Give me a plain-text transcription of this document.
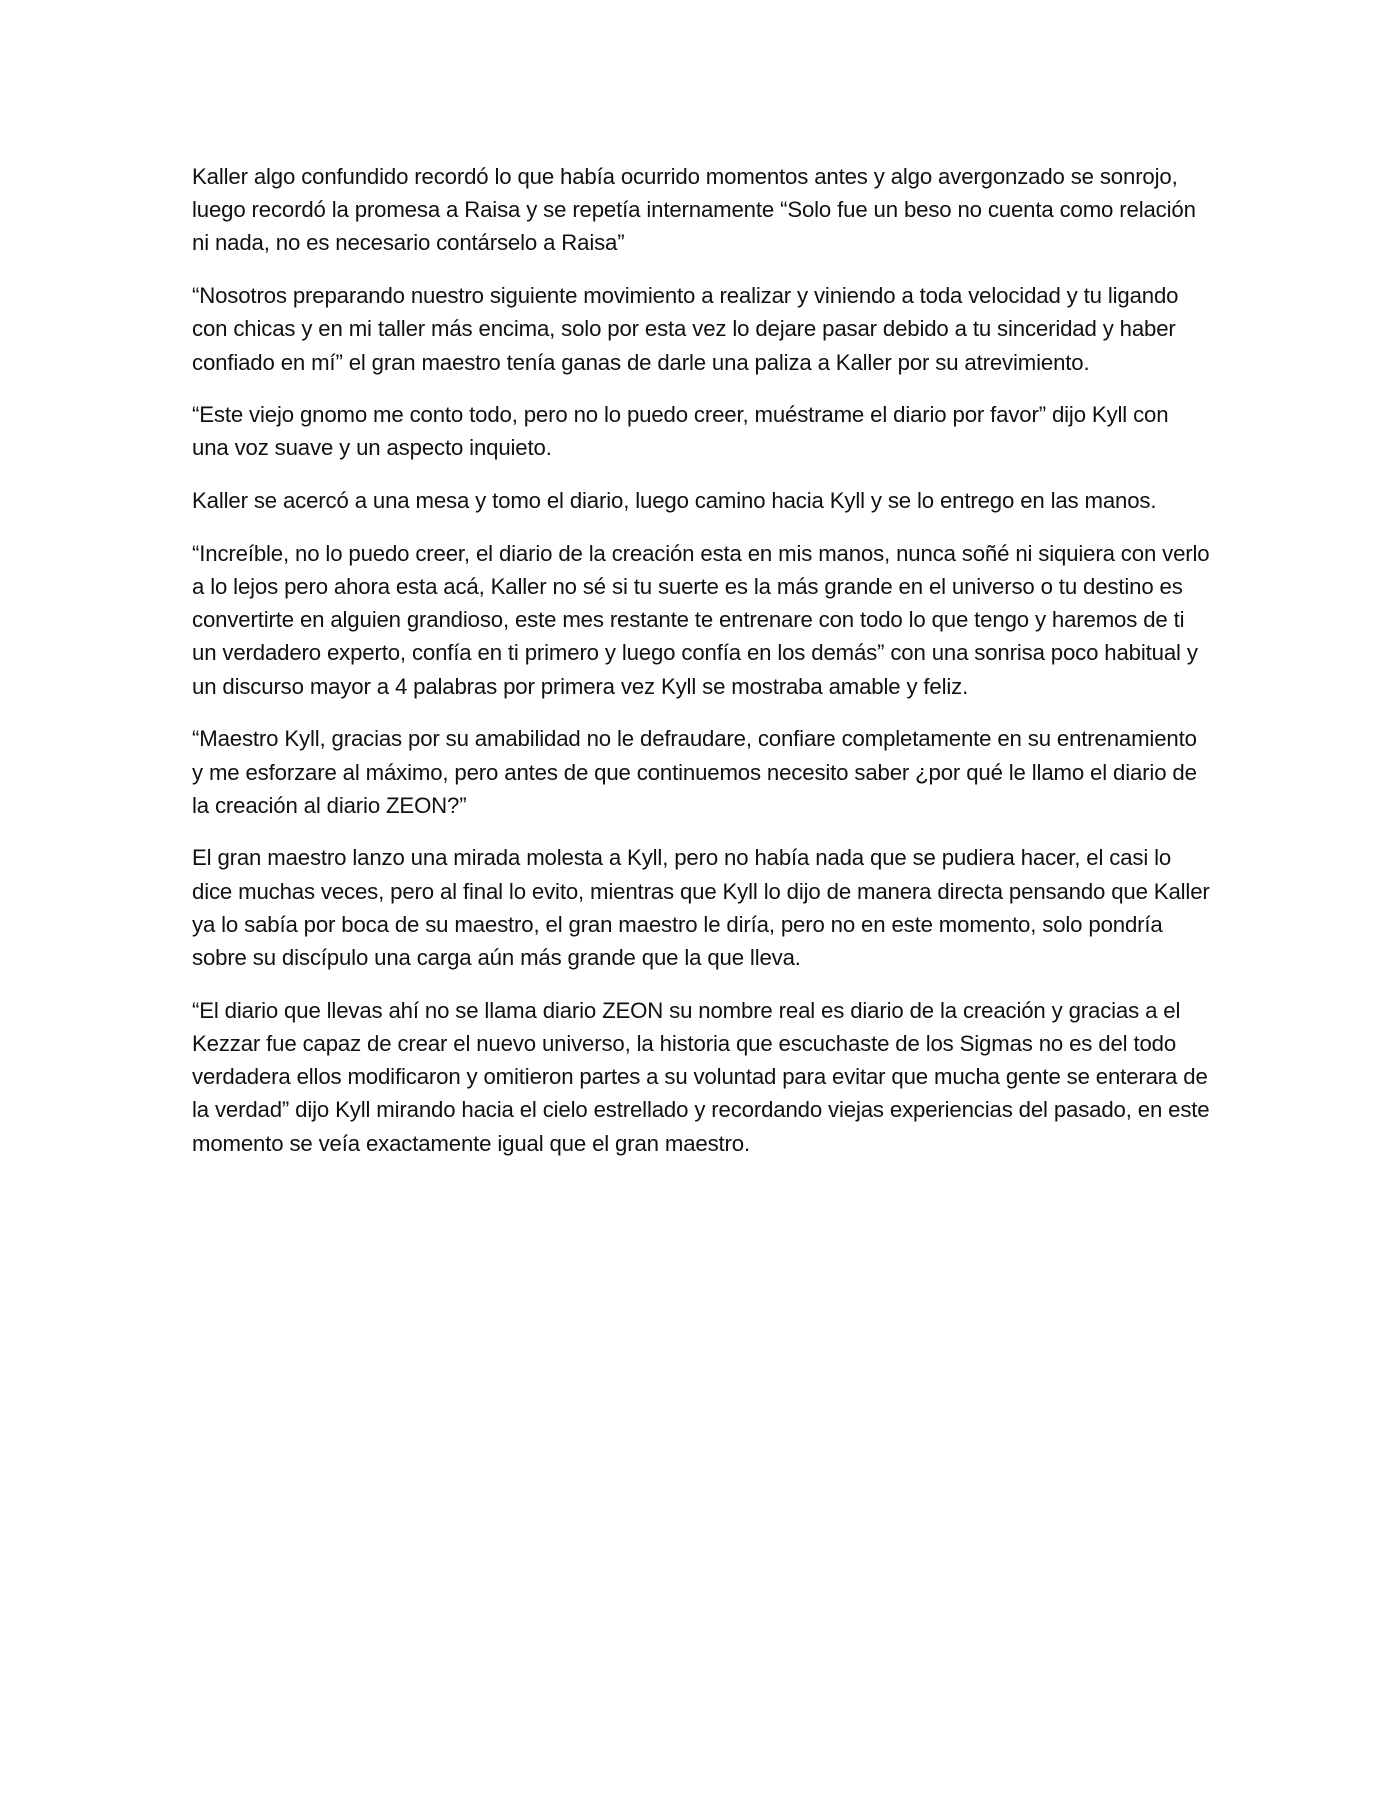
Kaller algo confundido recordó lo que había ocurrido momentos antes y algo avergonzado se sonrojo, luego recordó la promesa a Raisa y se repetía internamente “Solo fue un beso no cuenta como relación ni nada, no es necesario contárselo a Raisa”

“Nosotros preparando nuestro siguiente movimiento a realizar y viniendo a toda velocidad y tu ligando con chicas y en mi taller más encima, solo por esta vez lo dejare pasar debido a tu sinceridad y haber confiado en mí” el gran maestro tenía ganas de darle una paliza a Kaller por su atrevimiento.

“Este viejo gnomo me conto todo, pero no lo puedo creer, muéstrame el diario por favor” dijo Kyll con una voz suave y un aspecto inquieto.

Kaller se acercó a una mesa y tomo el diario, luego camino hacia Kyll y se lo entrego en las manos.

“Increíble, no lo puedo creer, el diario de la creación esta en mis manos, nunca soñé ni siquiera con verlo a lo lejos pero ahora esta acá, Kaller no sé si tu suerte es la más grande en el universo o tu destino es convertirte en alguien grandioso, este mes restante te entrenare con todo lo que tengo y haremos de ti un verdadero experto, confía en ti primero y luego confía en los demás” con una sonrisa poco habitual y un discurso mayor a 4 palabras por primera vez Kyll se mostraba amable y feliz.

“Maestro Kyll, gracias por su amabilidad no le defraudare, confiare completamente en su entrenamiento y me esforzare al máximo, pero antes de que continuemos necesito saber ¿por qué le llamo el diario de la creación al diario ZEON?”

El gran maestro lanzo una mirada molesta a Kyll, pero no había nada que se pudiera hacer, el casi lo dice muchas veces, pero al final lo evito, mientras que Kyll lo dijo de manera directa pensando que Kaller ya lo sabía por boca de su maestro, el gran maestro le diría, pero no en este momento, solo pondría sobre su discípulo una carga aún más grande que la que lleva.

“El diario que llevas ahí no se llama diario ZEON su nombre real es diario de la creación y gracias a el Kezzar fue capaz de crear el nuevo universo, la historia que escuchaste de los Sigmas no es del todo verdadera ellos modificaron y omitieron partes a su voluntad para evitar que mucha gente se enterara de la verdad” dijo Kyll mirando hacia el cielo estrellado y recordando viejas experiencias del pasado, en este momento se veía exactamente igual que el gran maestro.
